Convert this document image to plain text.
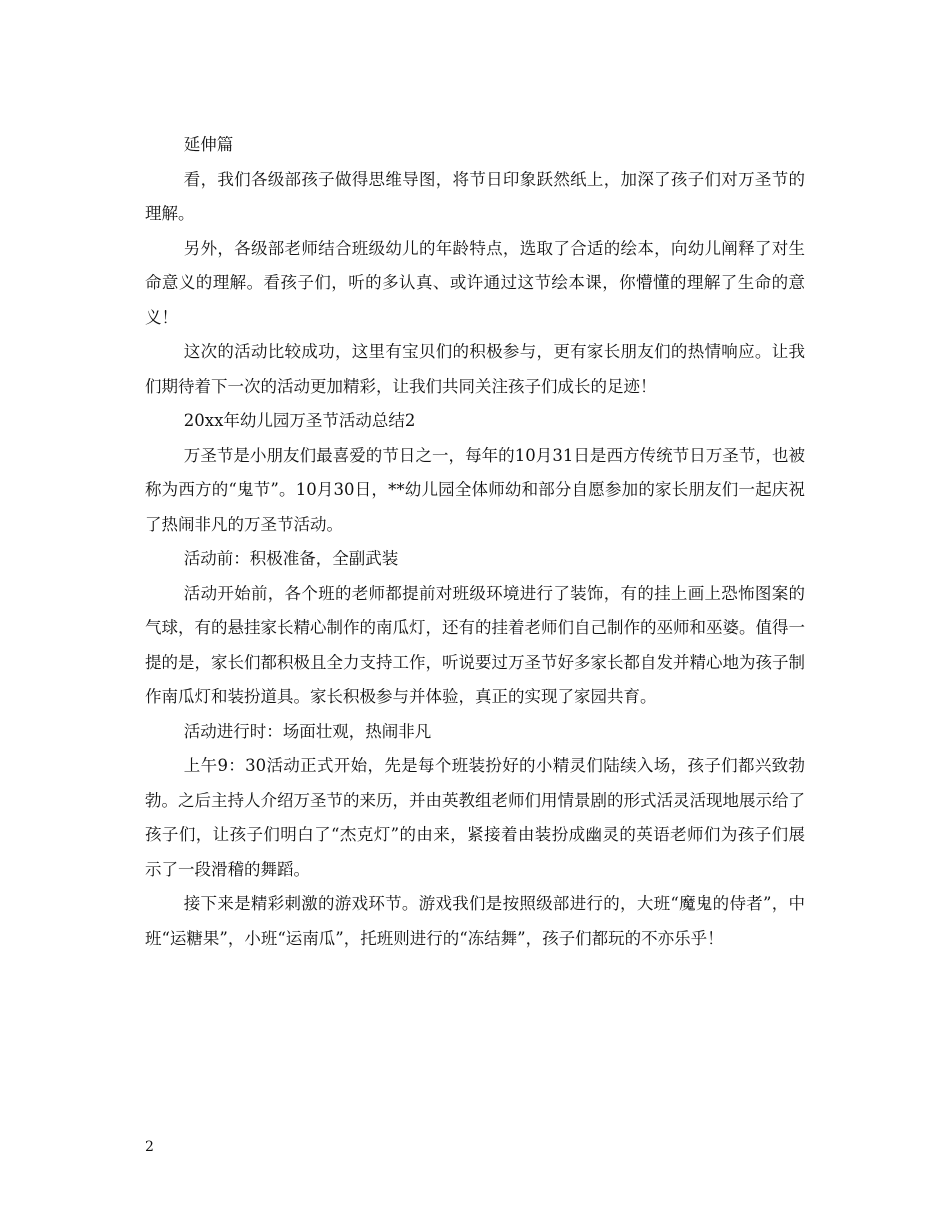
延伸篇

看，我们各级部孩子做得思维导图，将节日印象跃然纸上，加深了孩子们对万圣节的理解。

另外，各级部老师结合班级幼儿的年龄特点，选取了合适的绘本，向幼儿阐释了对生命意义的理解。看孩子们，听的多认真、或许通过这节绘本课，你懵懂的理解了生命的意义！

这次的活动比较成功，这里有宝贝们的积极参与，更有家长朋友们的热情响应。让我们期待着下一次的活动更加精彩，让我们共同关注孩子们成长的足迹！

20xx年幼儿园万圣节活动总结2

万圣节是小朋友们最喜爱的节日之一，每年的10月31日是西方传统节日万圣节，也被称为西方的“鬼节”。10月30日，**幼儿园全体师幼和部分自愿参加的家长朋友们一起庆祝了热闹非凡的万圣节活动。

活动前：积极准备，全副武装

活动开始前，各个班的老师都提前对班级环境进行了装饰，有的挂上画上恐怖图案的气球，有的悬挂家长精心制作的南瓜灯，还有的挂着老师们自己制作的巫师和巫婆。值得一提的是，家长们都积极且全力支持工作，听说要过万圣节好多家长都自发并精心地为孩子制作南瓜灯和装扮道具。家长积极参与并体验，真正的实现了家园共育。

活动进行时：场面壮观，热闹非凡

上午9：30活动正式开始，先是每个班装扮好的小精灵们陆续入场，孩子们都兴致勃勃。之后主持人介绍万圣节的来历，并由英教组老师们用情景剧的形式活灵活现地展示给了孩子们，让孩子们明白了“杰克灯”的由来，紧接着由装扮成幽灵的英语老师们为孩子们展示了一段滑稽的舞蹈。

接下来是精彩刺激的游戏环节。游戏我们是按照级部进行的，大班“魔鬼的侍者”，中班“运糖果”，小班“运南瓜”，托班则进行的“冻结舞”，孩子们都玩的不亦乐乎！

2
